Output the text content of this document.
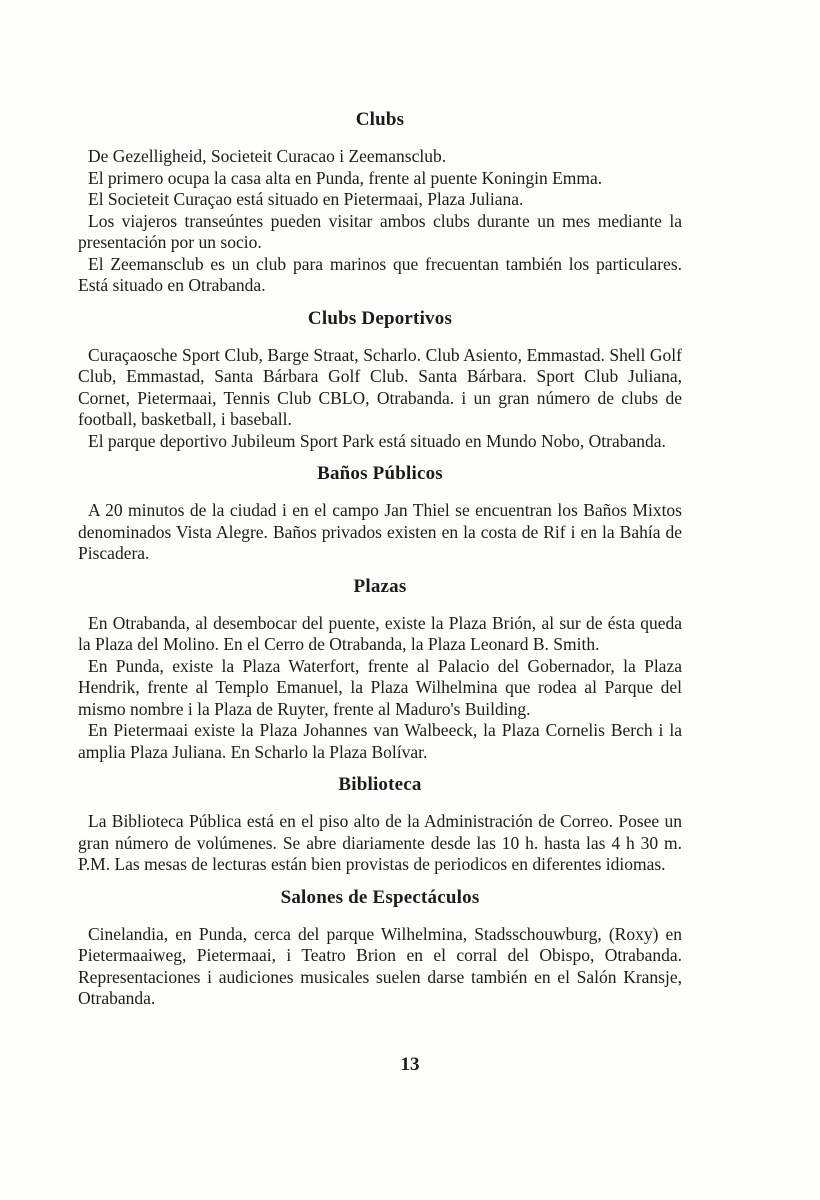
Clubs

De Gezelligheid, Societeit Curacao i Zeemansclub.

El primero ocupa la casa alta en Punda, frente al puente Koningin Emma.

El Societeit Curaçao está situado en Pietermaai, Plaza Juliana.

Los viajeros transeúntes pueden visitar ambos clubs durante un mes mediante la presentación por un socio.

El Zeemansclub es un club para marinos que frecuentan también los particulares. Está situado en Otrabanda.

Clubs Deportivos

Curaçaosche Sport Club, Barge Straat, Scharlo. Club Asiento, Emmastad. Shell Golf Club, Emmastad, Santa Bárbara Golf Club. Santa Bárbara. Sport Club Juliana, Cornet, Pietermaai, Tennis Club CBLO, Otrabanda. i un gran número de clubs de football, basketball, i baseball.

El parque deportivo Jubileum Sport Park está situado en Mundo Nobo, Otrabanda.

Baños Públicos

A 20 minutos de la ciudad i en el campo Jan Thiel se encuentran los Baños Mixtos denominados Vista Alegre. Baños privados existen en la costa de Rif i en la Bahía de Piscadera.

Plazas

En Otrabanda, al desembocar del puente, existe la Plaza Brión, al sur de ésta queda la Plaza del Molino. En el Cerro de Otrabanda, la Plaza Leonard B. Smith.

En Punda, existe la Plaza Waterfort, frente al Palacio del Gobernador, la Plaza Hendrik, frente al Templo Emanuel, la Plaza Wilhelmina que rodea al Parque del mismo nombre i la Plaza de Ruyter, frente al Maduro's Building.

En Pietermaai existe la Plaza Johannes van Walbeeck, la Plaza Cornelis Berch i la amplia Plaza Juliana. En Scharlo la Plaza Bolívar.

Biblioteca

La Biblioteca Pública está en el piso alto de la Administración de Correo. Posee un gran número de volúmenes. Se abre diariamente desde las 10 h. hasta las 4 h 30 m. P.M. Las mesas de lecturas están bien provistas de periodicos en diferentes idiomas.

Salones de Espectáculos

Cinelandia, en Punda, cerca del parque Wilhelmina, Stadsschouwburg, (Roxy) en Pietermaaiweg, Pietermaai, i Teatro Brion en el corral del Obispo, Otrabanda. Representaciones i audiciones musicales suelen darse también en el Salón Kransje, Otrabanda.

13
